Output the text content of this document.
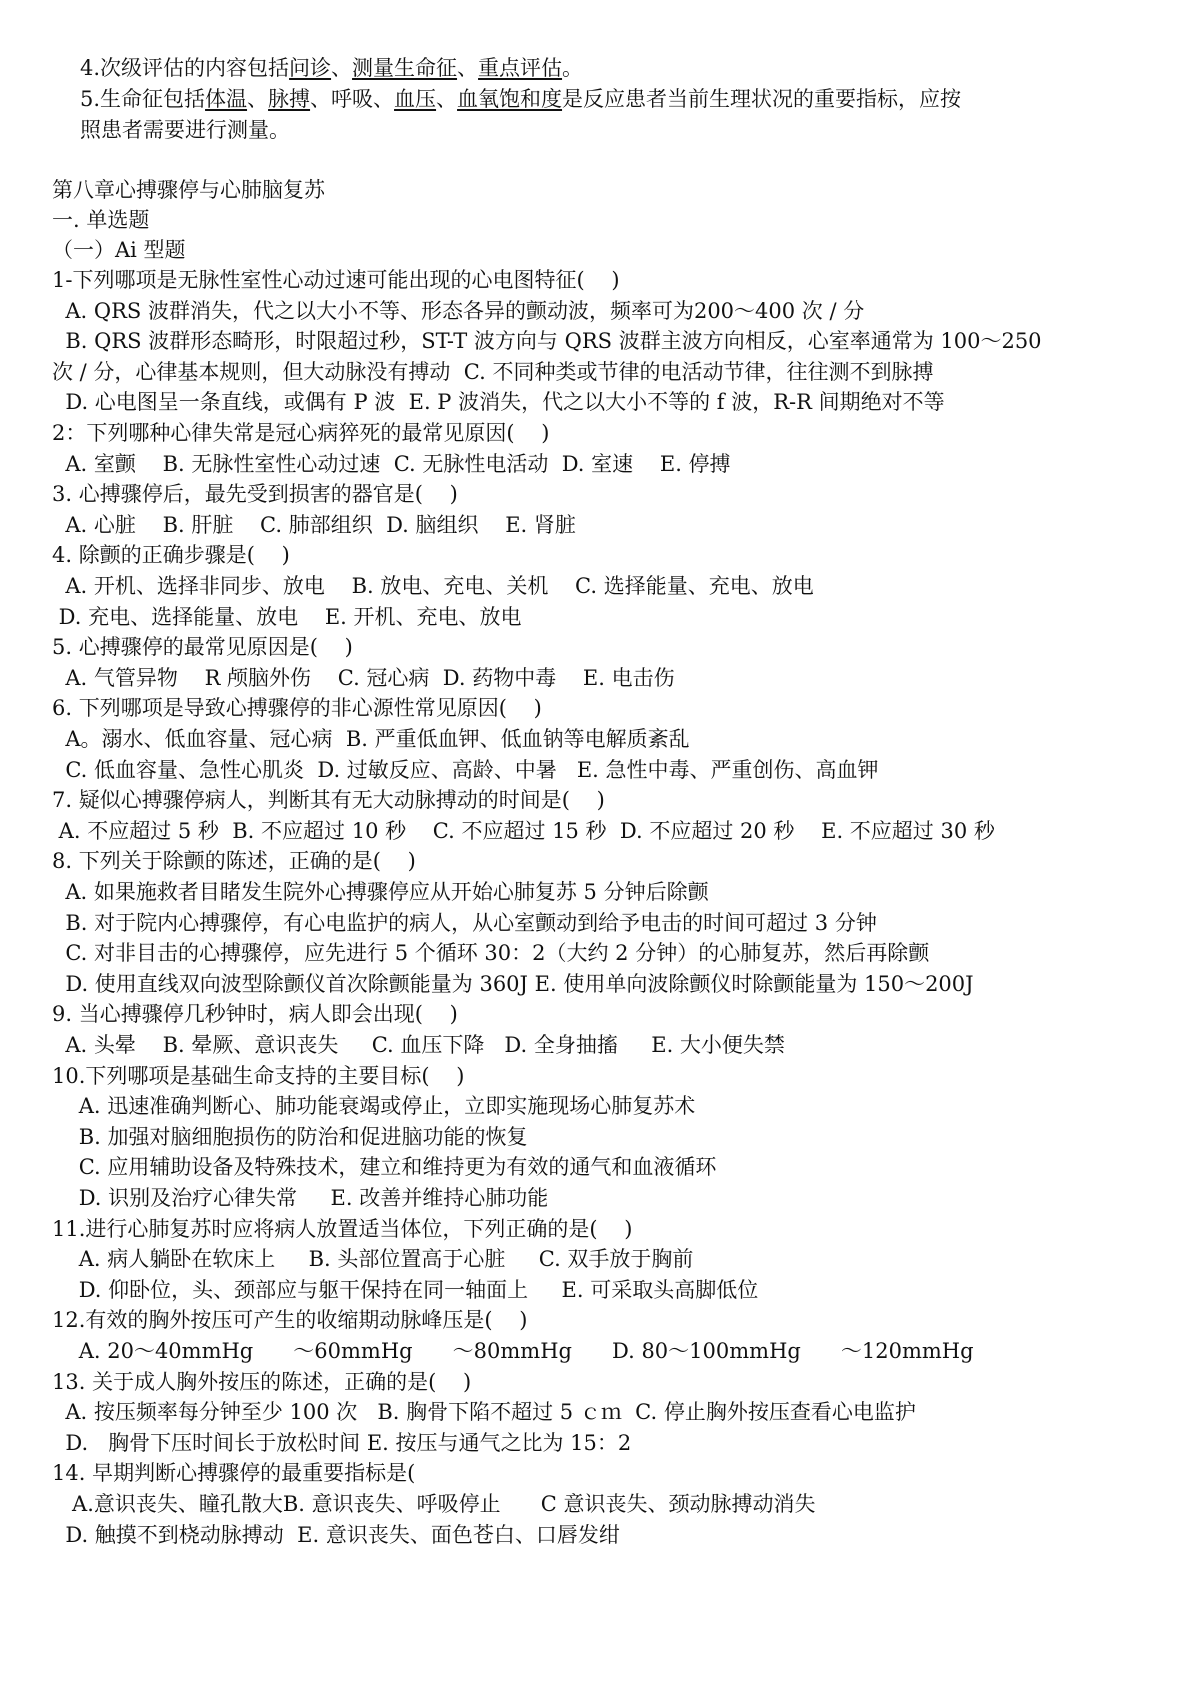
4.次级评估的内容包括问诊、测量生命征、重点评估。
5.生命征包括体温、脉搏、呼吸、血压、血氧饱和度是反应患者当前生理状况的重要指标，应按
照患者需要进行测量。
第八章心搏骤停与心肺脑复苏
一. 单选题
（一）Ai 型题
1-下列哪项是无脉性室性心动过速可能出现的心电图特征(    )
A. QRS 波群消失，代之以大小不等、形态各异的颤动波，频率可为200～400 次 / 分
B. QRS 波群形态畸形，时限超过秒，ST-T 波方向与 QRS 波群主波方向相反，心室率通常为 100～250
次 / 分，心律基本规则，但大动脉没有搏动  C. 不同种类或节律的电活动节律，往往测不到脉搏
D. 心电图呈一条直线，或偶有 P 波  E. P 波消失，代之以大小不等的 f 波，R-R 间期绝对不等
2：下列哪种心律失常是冠心病猝死的最常见原因(    )
A. 室颤    B. 无脉性室性心动过速  C. 无脉性电活动  D. 室速    E. 停搏
3. 心搏骤停后，最先受到损害的器官是(    )
A. 心脏    B. 肝脏    C. 肺部组织  D. 脑组织    E. 肾脏
4. 除颤的正确步骤是(    )
A. 开机、选择非同步、放电    B. 放电、充电、关机    C. 选择能量、充电、放电
D. 充电、选择能量、放电    E. 开机、充电、放电
5. 心搏骤停的最常见原因是(    )
A. 气管异物    R 颅脑外伤    C. 冠心病  D. 药物中毒    E. 电击伤
6. 下列哪项是导致心搏骤停的非心源性常见原因(    )
A。溺水、低血容量、冠心病  B. 严重低血钾、低血钠等电解质紊乱
C. 低血容量、急性心肌炎  D. 过敏反应、高龄、中暑   E. 急性中毒、严重创伤、高血钾
7. 疑似心搏骤停病人，判断其有无大动脉搏动的时间是(    )
A. 不应超过 5 秒  B. 不应超过 10 秒    C. 不应超过 15 秒  D. 不应超过 20 秒    E. 不应超过 30 秒
8. 下列关于除颤的陈述，正确的是(    )
A. 如果施救者目睹发生院外心搏骤停应从开始心肺复苏 5 分钟后除颤
B. 对于院内心搏骤停，有心电监护的病人，从心室颤动到给予电击的时间可超过 3 分钟
C. 对非目击的心搏骤停，应先进行 5 个循环 30：2（大约 2 分钟）的心肺复苏，然后再除颤
D. 使用直线双向波型除颤仪首次除颤能量为 360J E. 使用单向波除颤仪时除颤能量为 150～200J
9. 当心搏骤停几秒钟时，病人即会出现(    )
A. 头晕    B. 晕厥、意识丧失     C. 血压下降   D. 全身抽搐     E. 大小便失禁
10.下列哪项是基础生命支持的主要目标(    )
A. 迅速准确判断心、肺功能衰竭或停止，立即实施现场心肺复苏术
B. 加强对脑细胞损伤的防治和促进脑功能的恢复
C. 应用辅助设备及特殊技术，建立和维持更为有效的通气和血液循环
D. 识别及治疗心律失常     E. 改善并维持心肺功能
11.进行心肺复苏时应将病人放置适当体位，下列正确的是(    )
A. 病人躺卧在软床上     B. 头部位置高于心脏     C. 双手放于胸前
D. 仰卧位，头、颈部应与躯干保持在同一轴面上     E. 可采取头高脚低位
12.有效的胸外按压可产生的收缩期动脉峰压是(    )
A. 20～40mmHg      ～60mmHg      ～80mmHg      D. 80～100mmHg      ～120mmHg
13. 关于成人胸外按压的陈述，正确的是(    )
A. 按压频率每分钟至少 100 次   B. 胸骨下陷不超过 5 ｃｍ  C. 停止胸外按压查看心电监护
D.   胸骨下压时间长于放松时间 E. 按压与通气之比为 15：2
14. 早期判断心搏骤停的最重要指标是(
A.意识丧失、瞳孔散大B. 意识丧失、呼吸停止      C 意识丧失、颈动脉搏动消失
D. 触摸不到桡动脉搏动  E. 意识丧失、面色苍白、口唇发绀
